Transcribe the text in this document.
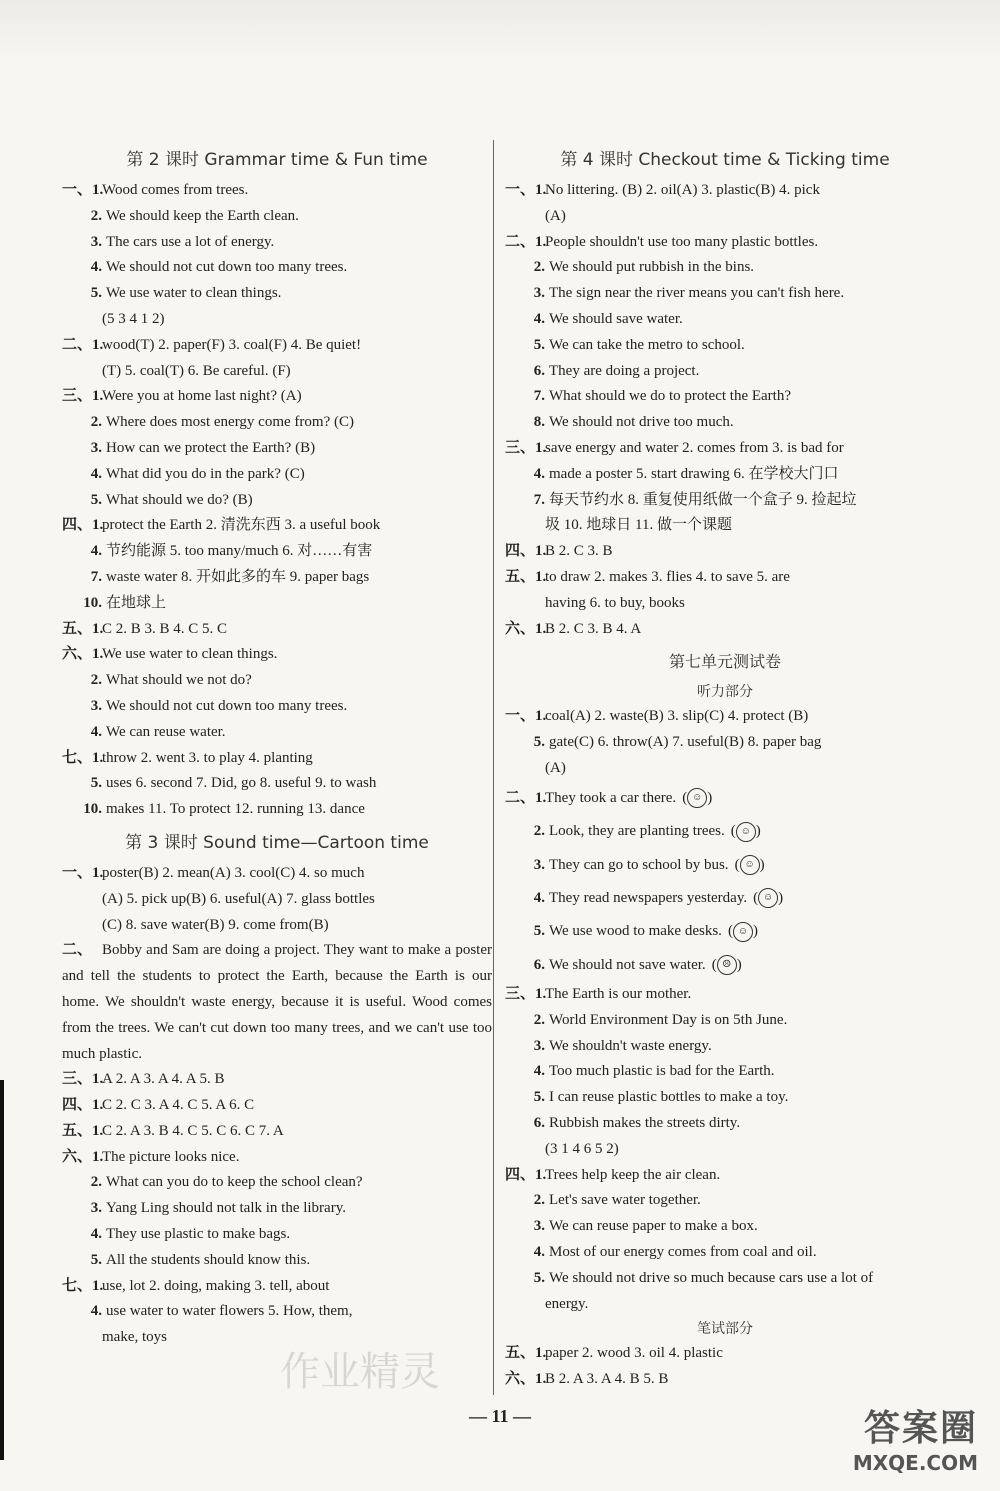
第 2 课时 Grammar time & Fun time
一、1.
Wood comes from trees.
2. We should keep the Earth clean.
3. The cars use a lot of energy.
4. We should not cut down too many trees.
5. We use water to clean things.
(5 3 4 1 2)
二、1.
wood(T) 2. paper(F) 3. coal(F) 4. Be quiet!
(T) 5. coal(T) 6. Be careful. (F)
三、1.
Were you at home last night? (A)
2. Where does most energy come from? (C)
3. How can we protect the Earth? (B)
4. What did you do in the park? (C)
5. What should we do? (B)
四、1.
protect the Earth 2. 清洗东西 3. a useful book
4. 节约能源 5. too many/much 6. 对……有害
7. waste water 8. 开如此多的车 9. paper bags
10. 在地球上
五、1.
C 2. B 3. B 4. C 5. C
六、1.
We use water to clean things.
2. What should we not do?
3. We should not cut down too many trees.
4. We can reuse water.
七、1.
throw 2. went 3. to play 4. planting
5. uses 6. second 7. Did, go 8. useful 9. to wash
10. makes 11. To protect 12. running 13. dance
第 3 课时 Sound time—Cartoon time
一、1.
poster(B) 2. mean(A) 3. cool(C) 4. so much
(A) 5. pick up(B) 6. useful(A) 7. glass bottles
(C) 8. save water(B) 9. come from(B)
二、 Bobby and Sam are doing a project. They want to make a poster and tell the students to protect the Earth, because the Earth is our home. We shouldn't waste energy, because it is useful. Wood comes from the trees. We can't cut down too many trees, and we can't use too much plastic.
三、1.
A 2. A 3. A 4. A 5. B
四、1.
C 2. C 3. A 4. C 5. A 6. C
五、1.
C 2. A 3. B 4. C 5. C 6. C 7. A
六、1.
The picture looks nice.
2. What can you do to keep the school clean?
3. Yang Ling should not talk in the library.
4. They use plastic to make bags.
5. All the students should know this.
七、1.
use, lot 2. doing, making 3. tell, about
4. use water to water flowers 5. How, them,
make, toys
第 4 课时 Checkout time & Ticking time
一、1.
No littering. (B) 2. oil(A) 3. plastic(B) 4. pick
(A)
二、1.
People shouldn't use too many plastic bottles.
2. We should put rubbish in the bins.
3. The sign near the river means you can't fish here.
4. We should save water.
5. We can take the metro to school.
6. They are doing a project.
7. What should we do to protect the Earth?
8. We should not drive too much.
三、1.
save energy and water 2. comes from 3. is bad for
4. made a poster 5. start drawing 6. 在学校大门口
7. 每天节约水 8. 重复使用纸做一个盒子 9. 捡起垃
圾 10. 地球日 11. 做一个课题
四、1.
B 2. C 3. B
五、1.
to draw 2. makes 3. flies 4. to save 5. are
having 6. to buy, books
六、1.
B 2. C 3. B 4. A
第七单元测试卷
听力部分
一、1.
coal(A) 2. waste(B) 3. slip(C) 4. protect (B)
5. gate(C) 6. throw(A) 7. useful(B) 8. paper bag
(A)
二、1.
They took a car there. ( ☺ )
2. Look, they are planting trees. ( ☺ )
3. They can go to school by bus. ( ☺ )
4. They read newspapers yesterday. ( ☺ )
5. We use wood to make desks. ( ☺ )
6. We should not save water. ( ☹ )
三、1.
The Earth is our mother.
2. World Environment Day is on 5th June.
3. We shouldn't waste energy.
4. Too much plastic is bad for the Earth.
5. I can reuse plastic bottles to make a toy.
6. Rubbish makes the streets dirty.
(3 1 4 6 5 2)
四、1.
Trees help keep the air clean.
2. Let's save water together.
3. We can reuse paper to make a box.
4. Most of our energy comes from coal and oil.
5. We should not drive so much because cars use a lot of
energy.
笔试部分
五、1.
paper 2. wood 3. oil 4. plastic
六、1.
B 2. A 3. A 4. B 5. B
— 11 —
作业精灵
答案圈
MXQE.COM
